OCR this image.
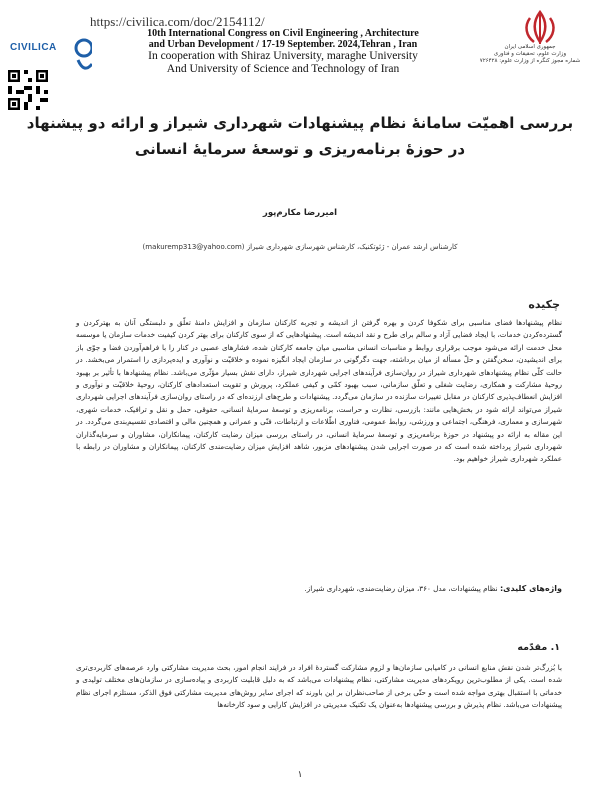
https://civilica.com/doc/2154112/
CIVILICA
10th International Congress on Civil Engineering , Architecture
and Urban Development / 17-19 September. 2024,Tehran , Iran
In cooperation with Shiraz University, maraghe University
And University of Science and Technology of Iran
جمهوری اسلامی ایران
وزارت علوم، تحقیقات و فناوری
شماره مجوز کنگره از وزارت علوم: ۷۲۶۴۲۸
بررسی اهمیّت سامانهٔ نظام پیشنهادات شهرداری شیراز و ارائه دو پیشنهاد
در حوزهٔ برنامه‌ریزی و توسعهٔ سرمایهٔ انسانی
امیررضا مکارم‌پور
کارشناس ارشد عمران - ژئوتکنیک، کارشناس شهرسازی شهرداری شیراز (makuremp313@yahoo.com)
چکیده
نظام پیشنهادها فضای مناسبی برای شکوفا کردن و بهره گرفتن از اندیشه و تجربه کارکنان سازمان و افزایش دامنهٔ تعلّق و دلبستگی آنان به بهترکردن و گسترده‌کردن خدمات، با ایجاد فضایی آزاد و سالم برای طرح و نقد اندیشه است. پیشنهادهایی که از سوی کارکنان برای بهتر کردن کیفیت خدمات سازمان یا موسسه محل خدمت ارائه می‌شود موجب برقراری روابط و مناسبات انسانی مناسبی میان جامعه کارکنان شده، فشارهای عصبی در کنار را با فراهم‌آوردن فضا و جوّی باز برای اندیشیدن، سخن‌گفتن و حلّ مسأله از میان برداشته، جهت دگرگونی در سازمان ایجاد انگیزه نموده و خلاقیّت و نوآوری و ایده‌پردازی را استمرار می‌بخشد. در حالت کلّی نظام پیشنهادهای شهرداری شیراز در روان‌سازی فرآیندهای اجرایی شهرداری شیراز، دارای نقش بسیار مؤثّری می‌باشد. نظام پیشنهادها با تأثیر بر بهبود روحیهٔ مشارکت و همکاری، رضایت شغلی و تعلّق سازمانی، سبب بهبود کمّی و کیفی عملکرد، پرورش و تقویت استعدادهای کارکنان، روحیهٔ خلاقیّت و نوآوری و افزایش انعطاف‌پذیری کارکنان در مقابل تغییرات سازنده در سازمان می‌گردد. پیشنهادات و طرح‌های ارزنده‌ای که در راستای روان‌سازی فرآیندهای اجرایی شهرداری شیراز می‌تواند ارائه شود در بخش‌هایی مانند: بازرسی، نظارت و حراست، برنامه‌ریزی و توسعهٔ سرمایهٔ انسانی، حقوقی، حمل و نقل و ترافیک، خدمات شهری، شهرسازی و معماری، فرهنگی، اجتماعی و ورزشی، روابط عمومی، فناوری اطّلاعات و ارتباطات، فنّی و عمرانی و همچنین مالی و اقتصادی تقسیم‌بندی می‌گردد. در این مقاله به ارائه دو پیشنهاد در حوزهٔ برنامه‌ریزی و توسعهٔ سرمایهٔ انسانی، در راستای بررسی میزان رضایت کارکنان، پیمانکاران، مشاوران و سرمایه‌گذاران شهرداری شیراز پرداخته شده است که در صورت اجرایی شدن پیشنهادهای مزبور، شاهد افزایش میزان رضایت‌مندی کارکنان، پیمانکاران و مشاوران در رابطه با عملکرد شهرداری شیراز خواهیم بود.
واژه‌های کلیدی: نظام پیشنهادات، مدل ۳۶۰، میزان رضایت‌مندی، شهرداری شیراز.
۱. مقدّمه
با بُزرگ‌تر شدن نقش منابع انسانی در کامیابی سازمان‌ها و لزوم مشارکت گستردهٔ افراد در فرایند انجام امور، بحث مدیریت مشارکتی وارد عرصه‌های کاربردی‌تری شده است. یکی از مطلوب‌ترین رویکردهای مدیریت مشارکتی، نظام پیشنهادات می‌باشد که به دلیل قابلیت کاربردی و پیاده‌سازی در سازمان‌های مختلف تولیدی و خدماتی با استقبال بهتری مواجه شده است و حتّی برخی از صاحب‌نظران بر این باورند که اجرای سایر روش‌های مدیریت مشارکتی فوق الذکر، مستلزم اجرای نظام پیشنهادات می‌باشد. نظام پذیرش و بررسی پیشنهادها به‌عنوان یک تکنیک مدیریتی در افزایش کارایی و سود کارخانه‌ها
۱
